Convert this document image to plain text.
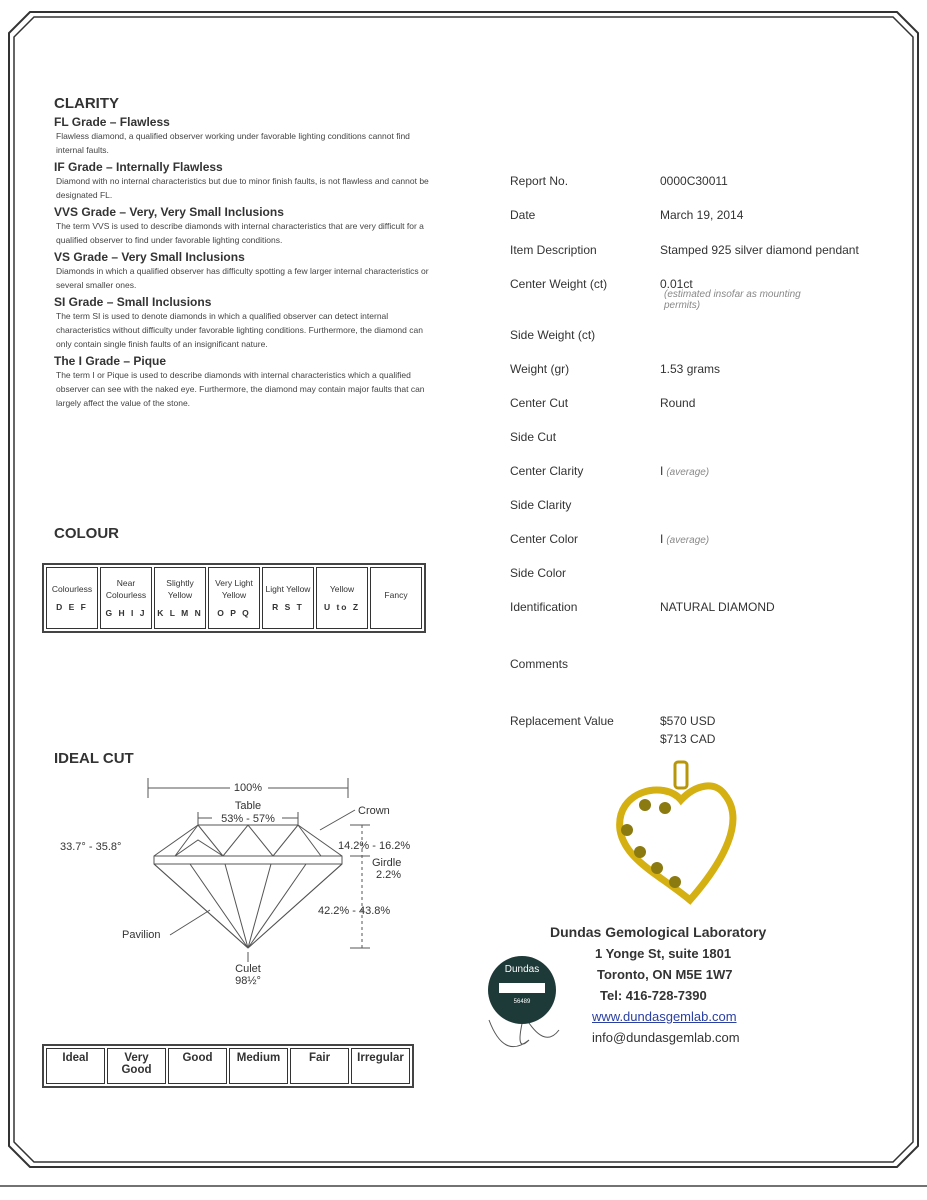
CLARITY
FL Grade – Flawless
Flawless diamond, a qualified observer working under favorable lighting conditions cannot find internal faults.
IF Grade – Internally Flawless
Diamond with no internal characteristics but due to minor finish faults, is not flawless and cannot be designated FL.
VVS Grade – Very, Very Small Inclusions
The term VVS is used to describe diamonds with internal characteristics that are very difficult for a qualified observer to find under favorable lighting conditions.
VS Grade – Very Small Inclusions
Diamonds in which a qualified observer has difficulty spotting a few larger internal characteristics or several smaller ones.
SI Grade – Small Inclusions
The term SI is used to denote diamonds in which a qualified observer can detect internal characteristics without difficulty under favorable lighting conditions. Furthermore, the diamond can only contain single finish faults of an insignificant nature.
The I Grade – Pique
The term I or Pique is used to describe diamonds with internal characteristics which a qualified observer can see with the naked eye. Furthermore, the diamond may contain major faults that can largely affect the value of the stone.
COLOUR
Colourless
D E F

Near Colourless
G H I J

Slightly Yellow
K L M N

Very Light Yellow
O P Q

Light Yellow
R S T

Yellow
U to Z

Fancy
IDEAL CUT
100%
Table
53% - 57%
Crown
33.7° - 35.8°	14.2% - 16.2%
Girdle
2.2%
42.2% - 43.8%
Pavilion
Culet
98½°
Ideal	Very Good	Good	Medium	Fair	Irregular
Report No.	0000C30011
Date	March 19, 2014
Item Description	Stamped 925 silver diamond pendant
Center Weight (ct)	0.01ct
(estimated insofar as mounting permits)
Side Weight (ct)
Weight (gr)	1.53 grams
Center Cut	Round
Side Cut
Center Clarity	I (average)
Side Clarity
Center Color	I (average)
Side Color
Identification	NATURAL DIAMOND
Comments
Replacement Value	$570 USD
$713 CAD
Dundas
56489
Dundas Gemological Laboratory
1 Yonge St, suite 1801
Toronto, ON M5E 1W7
Tel: 416-728-7390
www.dundasgemlab.com
info@dundasgemlab.com
